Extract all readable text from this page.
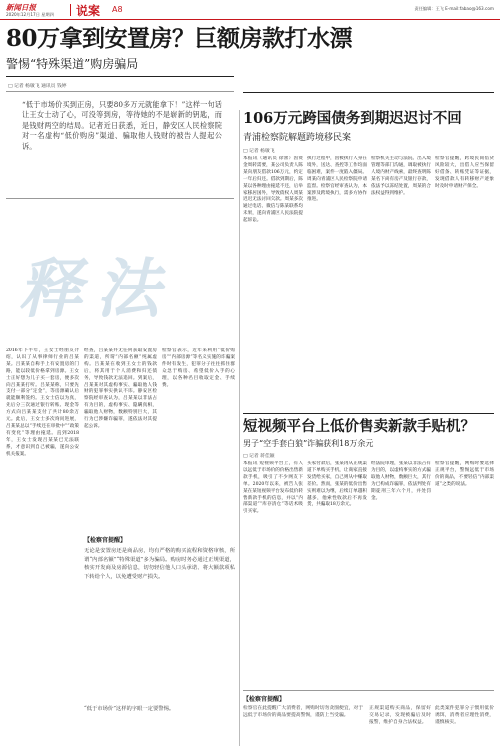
新闻日报
2020年12月17日 星期四 说案 A8	责任编辑：王飞 E-mail:fabao@163.com
80万拿到安置房？巨额房款打水漂
警惕“特殊渠道”购房骗局
□ 记者 杨敏飞 通讯员 钱婷
“低于市场价买到正房，只要80多万元就能拿下！”这样一句话让王女士动了心，可没等到房，等待她的不是崭新的钥匙，而是钱财两空的结局。记者近日获悉，近日，静安区人民检察院对一名虚构“低价购房”渠道、骗取他人钱财的被告人提起公诉。
释法
2016年下半年，王女士经朋友介绍，认识了从事律师行业的吕某某。吕某某自称手上有安置房的门路，能以较低价格拿到房源。王女士正好想为儿子买一套房，便多次向吕某某打听。吕某某称，只要先支付一部分“定金”，等房源确认后就能顺利签约。王女士信以为真，先后分三次通过银行转账、现金等方式向吕某某支付了共计80余万元。此后，王女士多次询问进展，吕某某总以“手续还在审批中”“政策有变化”等理由拖延。直到2018年，王女士发现吕某某已无法联系，才意识到自己被骗，遂向公安机关报案。
经查，吕某某并无任何获取安置房的渠道，所谓“内部名额”纯属虚构。吕某某在收到王女士的钱款后，将其用于个人消费和归还债务，导致钱款无法追回。到案后，吕某某对其虚构事实、骗取他人钱财的犯罪事实供认不讳。静安区检察院经审查认为，吕某某以非法占有为目的，虚构事实、隐瞒真相，骗取他人财物，数额特别巨大，其行为已涉嫌诈骗罪，遂依法对其提起公诉。
检察官表示，近年来利用“低价购房”“内部房源”等名义实施的诈骗案件时有发生，犯罪分子往往抓住群众急于购房、希望低价入手的心理，以各种名目收取定金、手续费。
【检察官提醒】
无论是安置房还是商品房，均有严格的购买流程和资格审核，所谓“内部名额”“特殊渠道”多为骗局。购房时务必通过正规渠道，核实开发商及房源信息，切勿轻信他人口头承诺、将大额款项私下转给个人，以免遭受财产损失。
“低于市场价”这样的字眼一定要警惕。
106万元跨国债务到期迟迟讨不回
青浦检察院解题跨境移民案
□ 记者 杨敏飞
本报讯（通讯员 徐蕾）因资金周转需要，某公司负责人陈某向朋友借款106万元，约定一年后归还。借款到期后，陈某以各种理由拖延不还，后举家移居国外，导致债权人周某迟迟无法讨回欠款。周某多次通过电话、微信与陈某联系均未果，遂向青浦区人民法院提起诉讼。
执行过程中，因被执行人身在境外，送达、查控等工作均面临困难，案件一度陷入僵局。周某向青浦区人民检察院申请监督。检察官经审查认为，本案涉及跨境执行，需多方协作推进。
检察机关主动与法院、出入境管理等部门沟通，调取被执行人境内财产线索，最终查明陈某名下尚有房产及银行存款，依法予以冻结处置，周某的合法权益得到维护。
检察官提醒，跨境民间借贷风险较大，出借人应当保留好借条、转账凭证等证据，发现借款人有转移财产迹象时及时申请财产保全。
短视频平台上低价售卖新款手贴机？
男子“空手套白狼”诈骗获利18万余元
□ 记者 蒋佳颖
本报讯 短视频平台上，有人以远低于市场价的价格出售新款手机，吸引了不少网友下单。2020年以来，被告人张某在某短视频平台发布低价转售新款手机的信息，并以“内部渠道”“库存清仓”等话术吸引买家。
买家付款后，张某再从正规渠道下单购买手机，让商家直接发货给买家，自己则从中赚取差价。然而，张某的低价出售实则难以为继，后续订单越积越多，他索性收款后不再发货，共骗取18万余元。
经法院审理，张某以非法占有为目的，以虚构事实的方式骗取他人财物，数额巨大，其行为已构成诈骗罪，依法判处有期徒刑三年六个月，并处罚金。
检察官提醒，网购时要选择正规平台，警惕远低于市场价的商品，不要轻信“内部渠道”之类的说法。
【检察官提醒】
检察官在此提醒广大消费者，网购时切勿贪图便宜，对于远低于市场价的商品要提高警惕，谨防上当受骗。
正规渠道购买商品，保留好交易记录，发现被骗后及时报警，维护自身合法权益。
此类案件犯罪分子惯用低价诱饵，消费者应理性消费，谨慎核实。
